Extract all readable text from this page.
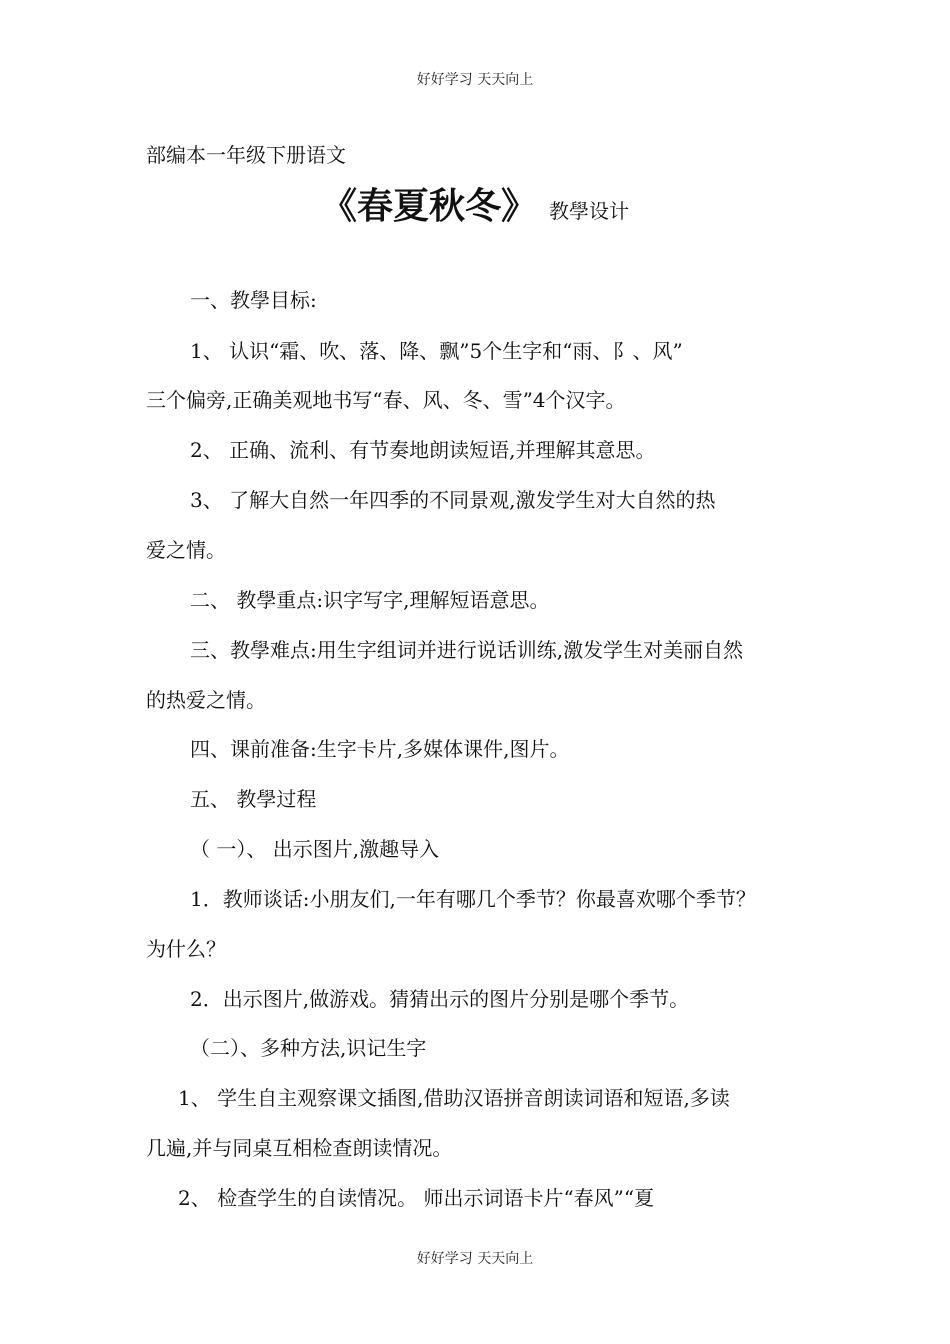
好好学习 天天向上
部编本一年级下册语文
《春夏秋冬》 教學设计
一、教學目标:
1、 认识“霜、吹、落、降、飘”5个生字和“雨、阝、风”
三个偏旁,正确美观地书写“春、风、冬、雪”4个汉字。
2、 正确、流利、有节奏地朗读短语,并理解其意思。
3、 了解大自然一年四季的不同景观,激发学生对大自然的热
爱之情。
二、 教學重点:识字写字,理解短语意思。
三、教學难点:用生字组词并进行说话训练,激发学生对美丽自然
的热爱之情。
四、课前准备:生字卡片,多媒体课件,图片。
五、 教學过程
（ 一）、 出示图片,激趣导入
1．教师谈话:小朋友们,一年有哪几个季节？你最喜欢哪个季节？
为什么？
2．出示图片,做游戏。猜猜出示的图片分别是哪个季节。
（二）、多种方法,识记生字
1、 学生自主观察课文插图,借助汉语拼音朗读词语和短语,多读
几遍,并与同桌互相检查朗读情况。
2、 检查学生的自读情况。 师出示词语卡片“春风”“夏
好好学习 天天向上
